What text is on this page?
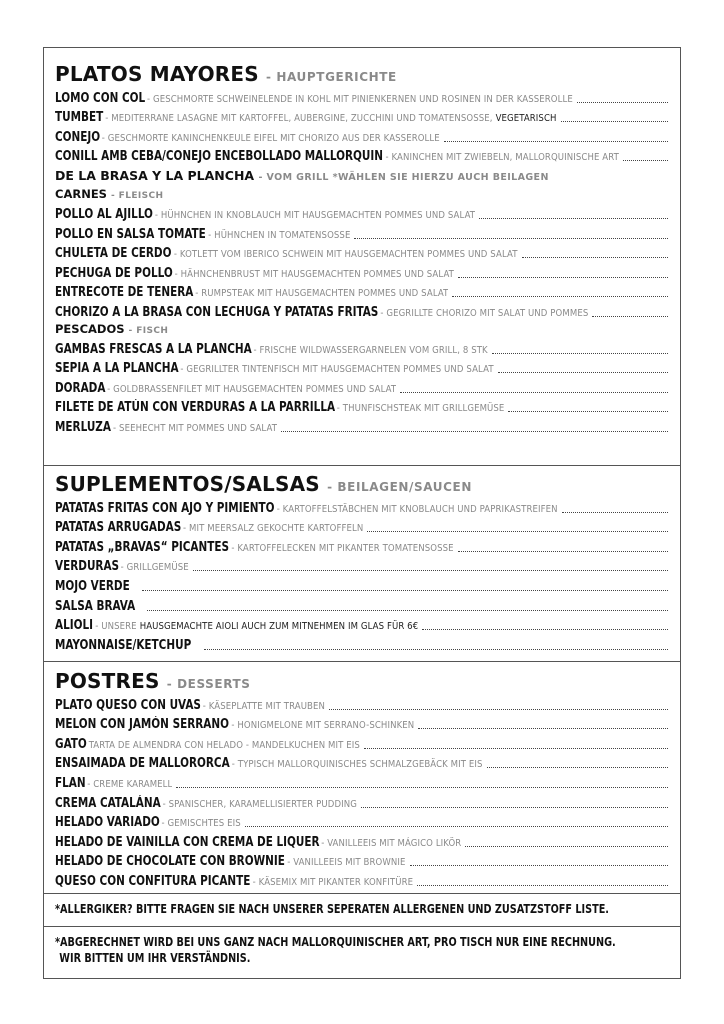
PLATOS MAYORES - HAUPTGERICHTE
LOMO CON COL - GESCHMORTE SCHWEINELENDE IN KOHL MIT PINIENKERNEN UND ROSINEN IN DER KASSEROLLE
TUMBET - MEDITERRANE LASAGNE MIT KARTOFFEL, AUBERGINE, ZUCCHINI UND TOMATENSOSSE, VEGETARISCH
CONEJO - GESCHMORTE KANINCHENKEULE EIFEL MIT CHORIZO AUS DER KASSEROLLE
CONILL AMB CEBA/CONEJO ENCEBOLLADO MALLORQUIN - KANINCHEN MIT ZWIEBELN, MALLORQUINISCHE ART
DE LA BRASA Y LA PLANCHA - VOM GRILL *WÄHLEN SIE HIERZU AUCH BEILAGEN
CARNES - FLEISCH
POLLO AL AJILLO - HÜHNCHEN IN KNOBLAUCH MIT HAUSGEMACHTEN POMMES UND SALAT
POLLO EN SALSA TOMATE - HÜHNCHEN IN TOMATENSOSSE
CHULETA DE CERDO - KOTLETT VOM IBERICO SCHWEIN MIT HAUSGEMACHTEN POMMES UND SALAT
PECHUGA DE POLLO - HÄHNCHENBRUST MIT HAUSGEMACHTEN POMMES UND SALAT
ENTRECOTE DE TENERA - RUMPSTEAK MIT HAUSGEMACHTEN POMMES UND SALAT
CHORIZO A LA BRASA CON LECHUGA Y PATATAS FRITAS - GEGRILLTE CHORIZO MIT SALAT UND POMMES
PESCADOS - FISCH
GAMBAS FRESCAS A LA PLANCHA - FRISCHE WILDWASSERGARNELEN VOM GRILL, 8 STK
SEPIA A LA PLANCHA - GEGRILLTER TINTENFISCH MIT HAUSGEMACHTEN POMMES UND SALAT
DORADA - GOLDBRASSENFILET MIT HAUSGEMACHTEN POMMES UND SALAT
FILETE DE ATÚN CON VERDURAS A LA PARRILLA - THUNFISCHSTEAK MIT GRILLGEMÜSE
MERLUZA - SEEHECHT MIT POMMES UND SALAT
SUPLEMENTOS/SALSAS - BEILAGEN/SAUCEN
PATATAS FRITAS CON AJO Y PIMIENTO - KARTOFFELSTÄBCHEN MIT KNOBLAUCH UND PAPRIKASTREIFEN
PATATAS ARRUGADAS - MIT MEERSALZ GEKOCHTE KARTOFFELN
PATATAS „BRAVAS“ PICANTES - KARTOFFELECKEN MIT PIKANTER TOMATENSOSSE
VERDURAS - GRILLGEMÜSE
MOJO VERDE
SALSA BRAVA
ALIOLI - UNSERE HAUSGEMACHTE AIOLI AUCH ZUM MITNEHMEN IM GLAS FÜR 6€
MAYONNAISE/KETCHUP
POSTRES - DESSERTS
PLATO QUESO CON UVAS - KÄSEPLATTE MIT TRAUBEN
MELON CON JAMÓN SERRANO - HONIGMELONE MIT SERRANO-SCHINKEN
GATO TARTA DE ALMENDRA CON HELADO - MANDELKUCHEN MIT EIS
ENSAIMADA DE MALLORORCA - TYPISCH MALLORQUINISCHES SCHMALZGEBÄCK MIT EIS
FLAN - CREME KARAMELL
CREMA CATALÁNA - SPANISCHER, KARAMELLISIERTER PUDDING
HELADO VARIADO - GEMISCHTES EIS
HELADO DE VAINILLA CON CREMA DE LIQUER - VANILLEEIS MIT MÁGICO LIKÖR
HELADO DE CHOCOLATE CON BROWNIE - VANILLEEIS MIT BROWNIE
QUESO CON CONFITURA PICANTE - KÄSEMIX MIT PIKANTER KONFITÜRE
*ALLERGIKER? BITTE FRAGEN SIE NACH UNSERER SEPERATEN ALLERGENEN UND ZUSATZSTOFF LISTE.
*ABGERECHNET WIRD BEI UNS GANZ NACH MALLORQUINISCHER ART, PRO TISCH NUR EINE RECHNUNG.
WIR BITTEN UM IHR VERSTÄNDNIS.
